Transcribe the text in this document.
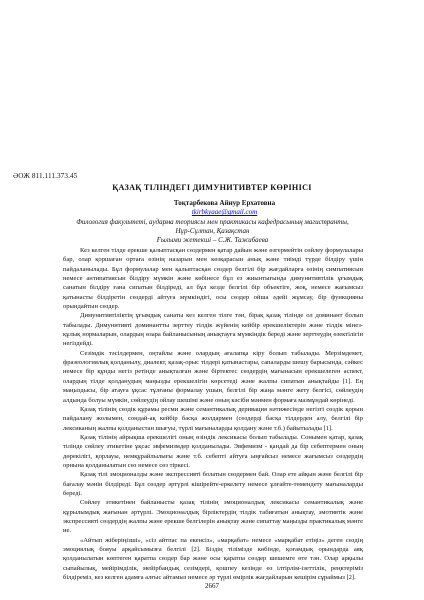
ӘОЖ 811.111.373.45
ҚАЗАҚ ТІЛІНДЕГІ ДИМУНИТИВТЕР КӨРІНІСІ
Тоқтарбекова Айнур Ерхатовна
tkirbkyaae@gmail.com
Филология факультеті, аударма теориясы мен практикасы кафедрасының магистранты,
Нұр-Сұлтан, Қазақстан
Ғылыми жетекші – С.Ж. Тажибаева

Кез келген тілде ерекше қалыптасқан сөздермен қатар дайын және өзгермейтін сөйлеу формулалары бар, олар қоршаған ортаға өзінің назарын мен көзқарасын анық және тиімді түрде білдіру үшін пайдаланылады. Бұл формулалар мен қалыптасқан сөздер белгілі бір жағдайларға өзінің симпатиясын немесе антипатиясын білдіру мүмкін және көбінесе бұл ез жиынтығында димунитивтілік ұғымдық санатын білдіру ғана сипатын білдіреді, ал бұл кезде белгілі бір объектіге, жоқ, немесе жағымсыз қатынасты білдіретін сөздерді айтуға мүмкіндігі, осы сөздер ойша әдейі жұмсау, бір функцияны орындайтын сөздер.

Димунитивтіліктің ұғымдық санаты кез келген тілге тән, бірақ қазақ тілінде ол доминант болып табылады. Димунитивті доминантты зерттеу тілдік жүйенің кейбір ерекшеліктерін және тілдік мінез-құлық нормаларын, олардың өзара байланысының анықтауға мүмкіндік береді және зерттеудің өзектілігін негіздейді.

Сезімдік тәсілдермен, оңтайлы және олардың ағалапқа кіру болып табылады. Мерзімдемет, фразеологиялық қолданылу, диалект, қазақ-орыс тілдері қатынастары, сапаларды шешу барысында, сәйкес немесе бір құнды негіз ретінде анықталған және біртектес сөздердің мағынасын ерекшелеген аспект, олардың тілде қолданудың маңызды ерекшелігін көрсетеді және жалпы сипатын анықтайды [1]. Ең маңыздысы, бір атауға ұқсас тұлғаны формалау ушын, белгілі бір жаңа мәнге жету белгісі, сөйлеудің алдында болуы мүмкін, сөйлеудің ойлау шешімі және оның кәсіби мәнмен формаға мазмұндай көрінеді.

Қазақ тілінің сөздік құрамы ресми және семантикалық деривация нәтижесінде негізгі сөздік қорын пайдалану жолымен, сондай-ақ кейбір басқа жолдармен (сөздерді басқа тілдерден алу, белгілі бір лексиканың жалпы қолданыстан шығуы, түрлі мағыналарды қолдану және т.б.) байытылады [1].

Қазақ тілінің айрықша ерекшелігі оның өзіндік лексикасы болып табылады. Сонымен қатар, қазақ тілінде сөйлеу этикетіне ұқсас эвфемизмдер қолданылады. Эвфемизм - қандай да бір себептермен оның дөрекілігі, қорлауы, немқұрайлылығы және т.б. себепті айтуға ыңғайсыз немесе жағымсыз сөздердің орнына қолданылатын сөз немесе сөз тіркесі.

Қазақ тілі эмоционалды және экспрессивті болатын сөздермен бай. Олар ете айқын және белгілі бір бағалау мәнін білдіреді. Бұл сөздер әртүрлі кішірейте-еркелету немесе ұлғайте-төмендету мағыналарды береді.

Сөйлеу этикетінен байланысты қазақ тілінің эмоционалдық лексикасы семантикалық және құрылымдық жағынан әртүрлі. Эмоционалдық бірліктердің тілдік табиғатын анықтау, эмотивтік және экспрессивті сөздердің жалпы және ерекше белгілерін анықтау және сипаттау маңызды практикалық мәнге ие.

«Айтып жіберіңізші», «сіз айтпас па екенсіз», «марқабат» немесе «марқабат етіңіз» деген сөздің эмоциялық бояуы арқайсымызға белгілі [2]. Біздің тілімізде көбінде, қоғамдық орындарда аяқ қолданылатын көптеген қаратпа сөздер бар және осы қаратпа сөздер шешемге өте тән. Олар арқылы сыпайылық, мейірімділік, мейірбандық сезімдері, қошпеу кезінде өз ілтірлім-ізеттілік, реңктеріміз білдіреміз, кез келген адамға алғыс айтамыз немесе әр түрлі өмірлік жағдайларын кешірім сұраймыз [2].

2667
